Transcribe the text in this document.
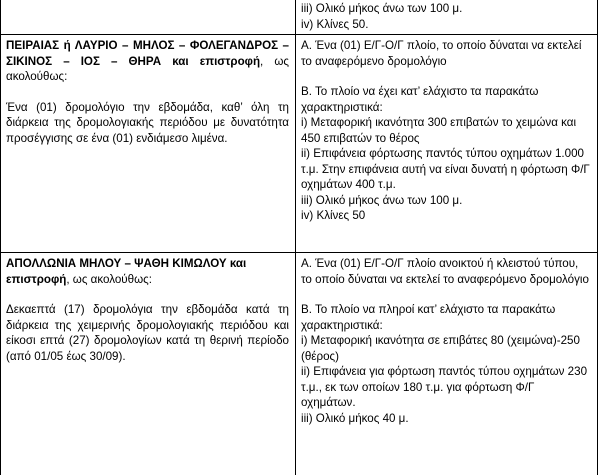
iii) Ολικό μήκος άνω των 100 μ.

iv) Κλίνες 50.

ΠΕΙΡΑΙΑΣ ή ΛΑΥΡΙΟ – ΜΗΛΟΣ – ΦΟΛΕΓΑΝΔΡΟΣ – ΣΙΚΙΝΟΣ – ΙΟΣ – ΘΗΡΑ και επιστροφή, ως ακολούθως:

Ένα (01) δρομολόγιο την εβδομάδα, καθ’ όλη τη διάρκεια της δρομολογιακής περιόδου με δυνατότητα προσέγγισης σε ένα (01) ενδιάμεσο λιμένα.

A. Ένα (01) Ε/Γ-Ο/Γ πλοίο, το οποίο δύναται να εκτελεί το αναφερόμενο δρομολόγιο

Β. Το πλοίο να έχει κατ’ ελάχιστο τα παρακάτω χαρακτηριστικά:

i) Μεταφορική ικανότητα 300 επιβατών το χειμώνα και 450 επιβατών το θέρος

ii) Επιφάνεια φόρτωσης παντός τύπου οχημάτων 1.000 τ.μ. Στην επιφάνεια αυτή να είναι δυνατή η φόρτωση Φ/Γ οχημάτων 400 τ.μ.

iii) Ολικό μήκος άνω των 100 μ.

iv) Κλίνες 50

ΑΠΟΛΛΩΝΙΑ ΜΗΛΟΥ – ΨΑΘΗ ΚΙΜΩΛΟΥ και επιστροφή, ως ακολούθως:

Δεκαεπτά (17) δρομολόγια την εβδομάδα κατά τη διάρκεια της χειμερινής δρομολογιακής περιόδου και είκοσι επτά (27) δρομολογίων κατά τη θερινή περίοδο (από 01/05 έως 30/09).

A. Ένα (01) Ε/Γ-Ο/Γ πλοίο ανοικτού ή κλειστού τύπου, το οποίο δύναται να εκτελεί το αναφερόμενο δρομολόγιο

Β. Το πλοίο να πληροί κατ’ ελάχιστο τα παρακάτω χαρακτηριστικά:

i) Μεταφορική ικανότητα σε επιβάτες 80 (χειμώνα)-250 (θέρος)

ii) Επιφάνεια για φόρτωση παντός τύπου οχημάτων 230 τ.μ., εκ των οποίων 180 τ.μ. για φόρτωση Φ/Γ οχημάτων.

iii) Ολικό μήκος 40 μ.
